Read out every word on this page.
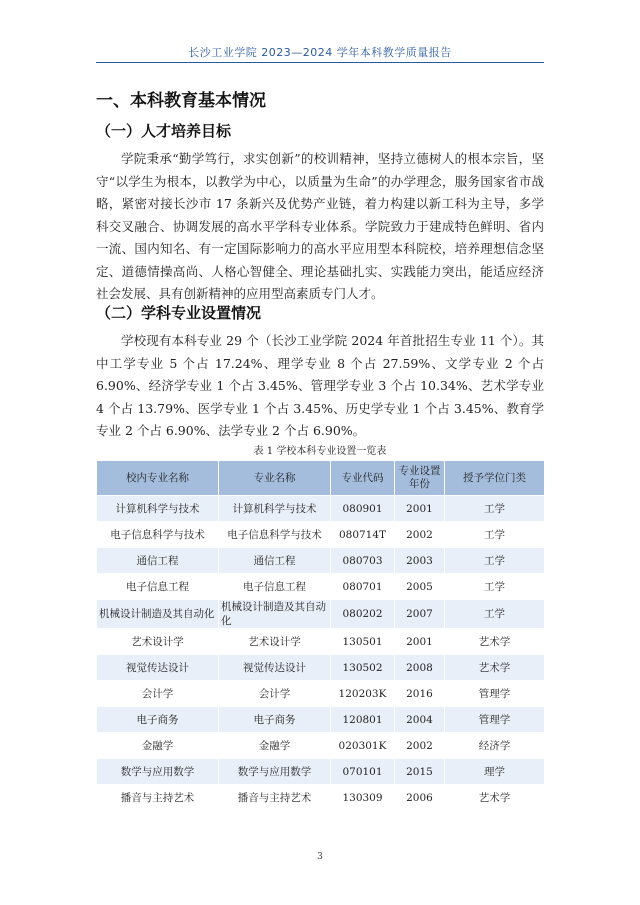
长沙工业学院 2023—2024 学年本科教学质量报告
一、本科教育基本情况
（一）人才培养目标

学院秉承“勤学笃行，求实创新”的校训精神，坚持立德树人的根本宗旨，坚守“以学生为根本，以教学为中心，以质量为生命”的办学理念，服务国家省市战略，紧密对接长沙市 17 条新兴及优势产业链，着力构建以新工科为主导，多学科交叉融合、协调发展的高水平学科专业体系。学院致力于建成特色鲜明、省内一流、国内知名、有一定国际影响力的高水平应用型本科院校，培养理想信念坚定、道德情操高尚、人格心智健全、理论基础扎实、实践能力突出，能适应经济社会发展、具有创新精神的应用型高素质专门人才。

（二）学科专业设置情况

学校现有本科专业 29 个（长沙工业学院 2024 年首批招生专业 11 个）。其中工学专业 5 个占 17.24%、理学专业 8 个占 27.59%、文学专业 2 个占 6.90%、经济学专业 1 个占 3.45%、管理学专业 3 个占 10.34%、艺术学专业 4 个占 13.79%、医学专业 1 个占 3.45%、历史学专业 1 个占 3.45%、教育学专业 2 个占 6.90%、法学专业 2 个占 6.90%。

表 1 学校本科专业设置一览表
校内专业名称	专业名称	专业代码	专业设置年份	授予学位门类
计算机科学与技术	计算机科学与技术	080901	2001	工学
电子信息科学与技术	电子信息科学与技术	080714T	2002	工学
通信工程	通信工程	080703	2003	工学
电子信息工程	电子信息工程	080701	2005	工学
机械设计制造及其自动化	机械设计制造及其自动化	080202	2007	工学
艺术设计学	艺术设计学	130501	2001	艺术学
视觉传达设计	视觉传达设计	130502	2008	艺术学
会计学	会计学	120203K	2016	管理学
电子商务	电子商务	120801	2004	管理学
金融学	金融学	020301K	2002	经济学
数学与应用数学	数学与应用数学	070101	2015	理学
播音与主持艺术	播音与主持艺术	130309	2006	艺术学
3
